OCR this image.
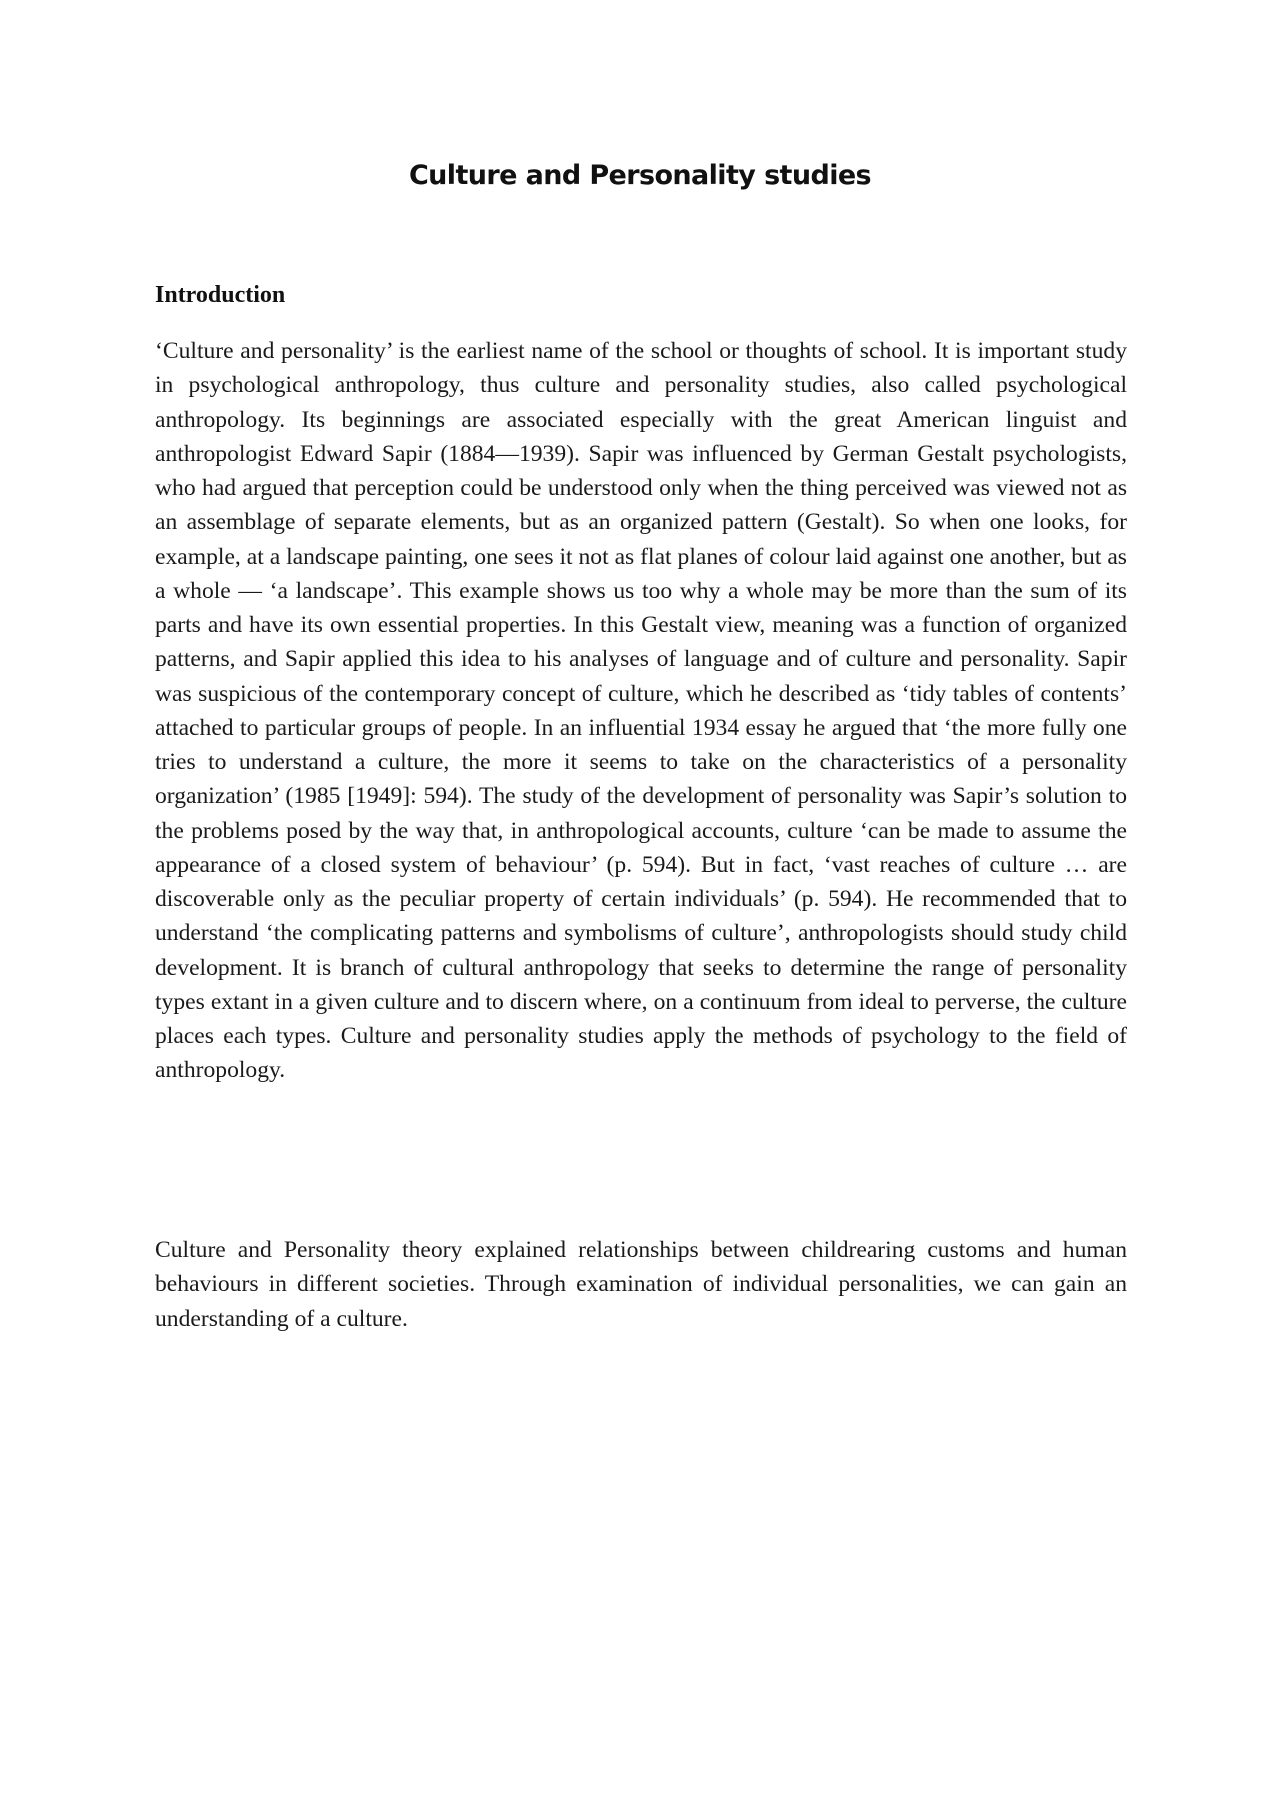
Culture and Personality studies
Introduction

‘Culture and personality’ is the earliest name of the school or thoughts of school. It is important study in psychological anthropology, thus culture and personality studies, also called psychological anthropology. Its beginnings are associated especially with the great American linguist and anthropologist Edward Sapir (1884—1939). Sapir was influenced by German Gestalt psychologists, who had argued that perception could be understood only when the thing perceived was viewed not as an assemblage of separate elements, but as an organized pattern (Gestalt). So when one looks, for example, at a landscape painting, one sees it not as flat planes of colour laid against one another, but as a whole — ‘a landscape’. This example shows us too why a whole may be more than the sum of its parts and have its own essential properties. In this Gestalt view, meaning was a function of organized patterns, and Sapir applied this idea to his analyses of language and of culture and personality. Sapir was suspicious of the contemporary concept of culture, which he described as ‘tidy tables of contents’ attached to particular groups of people. In an influential 1934 essay he argued that ‘the more fully one tries to understand a culture, the more it seems to take on the characteristics of a personality organization’ (1985 [1949]: 594). The study of the development of personality was Sapir’s solution to the problems posed by the way that, in anthropological accounts, culture ‘can be made to assume the appearance of a closed system of behaviour’ (p. 594). But in fact, ‘vast reaches of culture … are discoverable only as the peculiar property of certain individuals’ (p. 594). He recommended that to understand ‘the complicating patterns and symbolisms of culture’, anthropologists should study child development. It is branch of cultural anthropology that seeks to determine the range of personality types extant in a given culture and to discern where, on a continuum from ideal to perverse, the culture places each types. Culture and personality studies apply the methods of psychology to the field of anthropology.

Culture and Personality theory explained relationships between childrearing customs and human behaviours in different societies. Through examination of individual personalities, we can gain an understanding of a culture.
